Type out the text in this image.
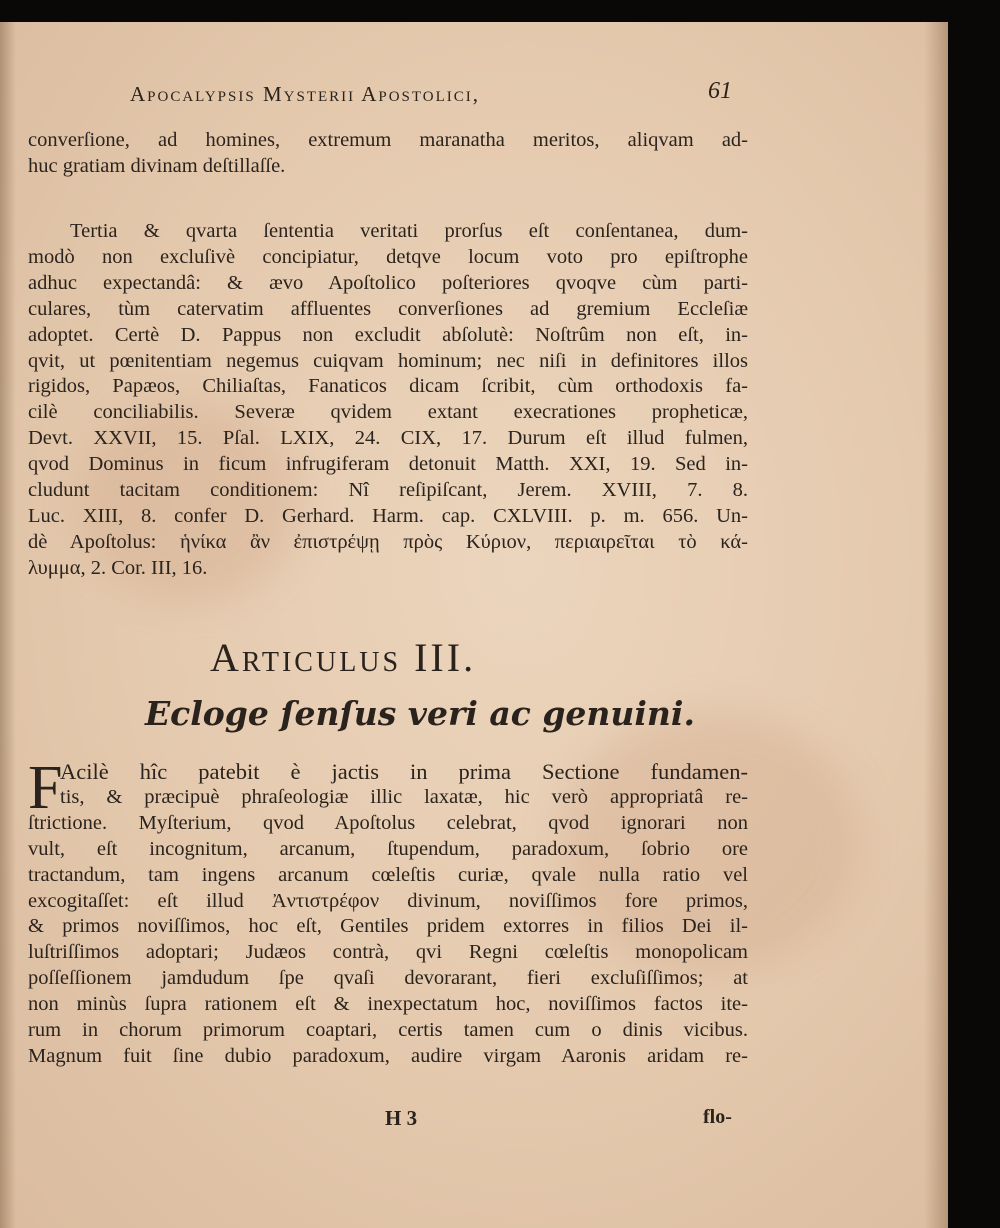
Apocalypsis Mysterii Apostolici,	61
converſione, ad homines, extremum maranatha meritos, aliqvam ad-
huc gratiam divinam deſtillaſſe.
Tertia & qvarta ſententia veritati prorſus eſt conſentanea, dum-
modò non excluſivè concipiatur, detqve locum voto pro epiſtrophe
adhuc expectandâ: & ævo Apoſtolico poſteriores qvoqve cùm parti-
culares, tùm catervatim affluentes converſiones ad gremium Eccleſiæ
adoptet. Certè D. Pappus non excludit abſolutè: Noſtrûm non eſt, in-
qvit, ut pœnitentiam negemus cuiqvam hominum; nec niſi in definitores illos
rigidos, Papæos, Chiliaſtas, Fanaticos dicam ſcribit, cùm orthodoxis fa-
cilè conciliabilis. Severæ qvidem extant execrationes propheticæ,
Devt. XXVII, 15. Pſal. LXIX, 24. CIX, 17. Durum eſt illud fulmen,
qvod Dominus in ficum infrugiferam detonuit Matth. XXI, 19. Sed in-
cludunt tacitam conditionem: Nî reſipiſcant, Jerem. XVIII, 7. 8.
Luc. XIII, 8. confer D. Gerhard. Harm. cap. CXLVIII. p. m. 656. Un-
dè Apoſtolus: ἡνίκα ἂν ἐπιστρέψῃ πρὸς Κύριον, περιαιρεῖται τὸ κά-
λυμμα, 2. Cor. III, 16.
Articulus III.
Ecloge ſenſus veri ac genuini.
F
Acilè hîc patebit è jactis in prima Sectione fundamen-
tis, & præcipuè phraſeologiæ illic laxatæ, hic verò appropriatâ re-
ſtrictione. Myſterium, qvod Apoſtolus celebrat, qvod ignorari non
vult, eſt incognitum, arcanum, ſtupendum, paradoxum, ſobrio ore
tractandum, tam ingens arcanum cœleſtis curiæ, qvale nulla ratio vel
excogitaſſet: eſt illud Ἀντιστρέφον divinum, noviſſimos fore primos,
& primos noviſſimos, hoc eſt, Gentiles pridem extorres in filios Dei il-
luſtriſſimos adoptari; Judæos contrà, qvi Regni cœleſtis monopolicam
poſſeſſionem jamdudum ſpe qvaſi devorarant, fieri excluſiſſimos; at
non minùs ſupra rationem eſt & inexpectatum hoc, noviſſimos factos ite-
rum in chorum primorum coaptari, certis tamen cum o dinis vicibus.
Magnum fuit ſine dubio paradoxum, audire virgam Aaronis aridam re-
H 3	flo-
